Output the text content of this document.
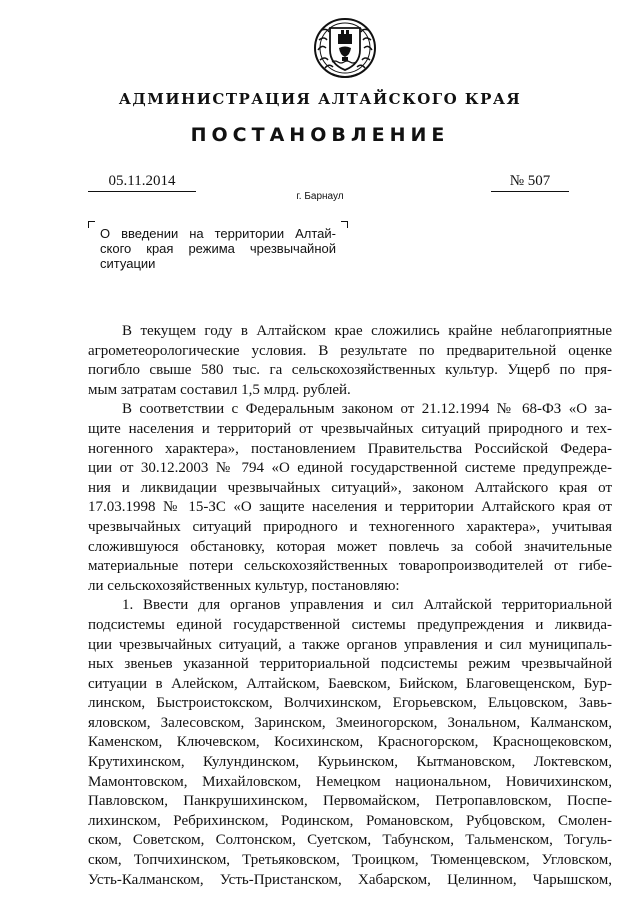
АДМИНИСТРАЦИЯ АЛТАЙСКОГО КРАЯ
ПОСТАНОВЛЕНИЕ
05.11.2014	№ 507
г. Барнаул

О введении на территории Алтай-
ского края режима чрезвычайной
ситуации

В текущем году в Алтайском крае сложились крайне неблагоприятные
агрометеорологические условия. В результате по предварительной оценке
погибло свыше 580 тыс. га сельскохозяйственных культур. Ущерб по пря-
мым затратам составил 1,5 млрд. рублей.

В соответствии с Федеральным законом от 21.12.1994 № 68-ФЗ «О за-
щите населения и территорий от чрезвычайных ситуаций природного и тех-
ногенного характера», постановлением Правительства Российской Федера-
ции от 30.12.2003 № 794 «О единой государственной системе предупрежде-
ния и ликвидации чрезвычайных ситуаций», законом Алтайского края от
17.03.1998 № 15-ЗС «О защите населения и территории Алтайского края от
чрезвычайных ситуаций природного и техногенного характера», учитывая
сложившуюся обстановку, которая может повлечь за собой значительные
материальные потери сельскохозяйственных товаропроизводителей от гибе-
ли сельскохозяйственных культур, постановляю:

1. Ввести для органов управления и сил Алтайской территориальной
подсистемы единой государственной системы предупреждения и ликвида-
ции чрезвычайных ситуаций, а также органов управления и сил муниципаль-
ных звеньев указанной территориальной подсистемы режим чрезвычайной
ситуации в Алейском, Алтайском, Баевском, Бийском, Благовещенском, Бур-
линском, Быстроистокском, Волчихинском, Егорьевском, Ельцовском, Завь-
яловском, Залесовском, Заринском, Змеиногорском, Зональном, Калманском,
Каменском, Ключевском, Косихинском, Красногорском, Краснощековском,
Крутихинском, Кулундинском, Курьинском, Кытмановском, Локтевском,
Мамонтовском, Михайловском, Немецком национальном, Новичихинском,
Павловском, Панкрушихинском, Первомайском, Петропавловском, Поспе-
лихинском, Ребрихинском, Родинском, Романовском, Рубцовском, Смолен-
ском, Советском, Солтонском, Суетском, Табунском, Тальменском, Тогуль-
ском, Топчихинском, Третьяковском, Троицком, Тюменцевском, Угловском,
Усть-Калманском, Усть-Пристанском, Хабарском, Целинном, Чарышском,
